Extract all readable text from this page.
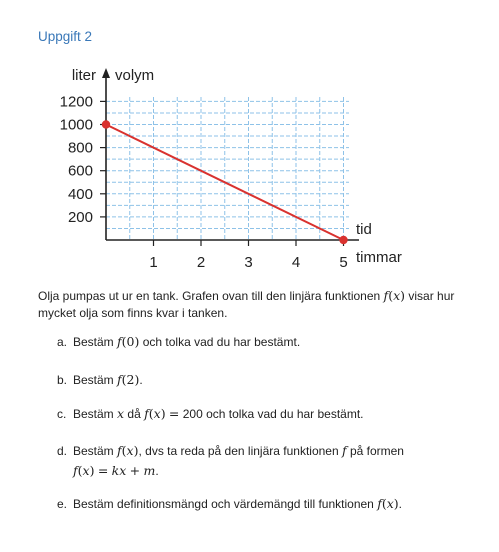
Uppgift 2
1	2	3	4	5
200
400
600
800
1000
1200
liter volym
tid
timmar
Olja pumpas ut ur en tank. Grafen ovan till den linjära funktionen f(x) visar hur mycket olja som finns kvar i tanken.
a. Bestäm f(0) och tolka vad du har bestämt.
b. Bestäm f(2).
c. Bestäm x då f(x) = 200 och tolka vad du har bestämt.
d. Bestäm f(x), dvs ta reda på den linjära funktionen f på formen
f(x) = kx + m.
e. Bestäm definitionsmängd och värdemängd till funktionen f(x).
